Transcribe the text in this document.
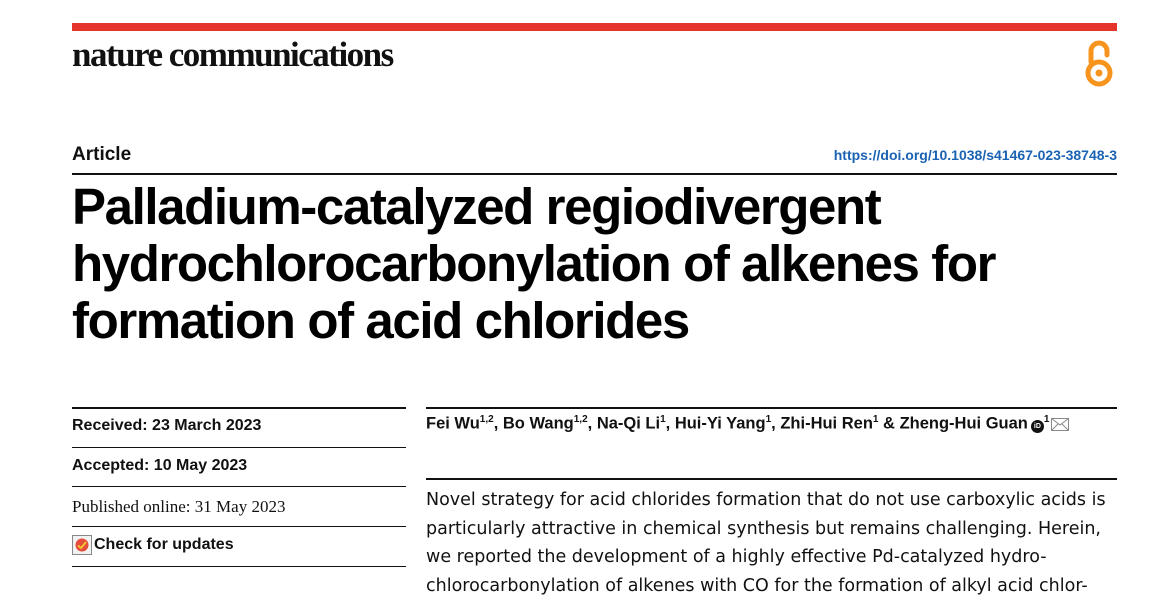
nature communications
Article	https://doi.org/10.1038/s41467-023-38748-3
Palladium-catalyzed regiodivergent
hydrochlorocarbonylation of alkenes for
formation of acid chlorides
Received: 23 March 2023
Accepted: 10 May 2023
Published online: 31 May 2023
Check for updates
Fei Wu$^{1,2}$, Bo Wang$^{1,2}$, Na-Qi Li$^1$, Hui-Yi Yang$^1$, Zhi-Hui Ren$^1$ & Zheng-Hui Guan $iD^1$

Novel strategy for acid chlorides formation that do not use carboxylic acids is
particularly attractive in chemical synthesis but remains challenging. Herein,
we reported the development of a highly effective Pd-catalyzed hydro-
chlorocarbonylation of alkenes with CO for the formation of alkyl acid chlor-
